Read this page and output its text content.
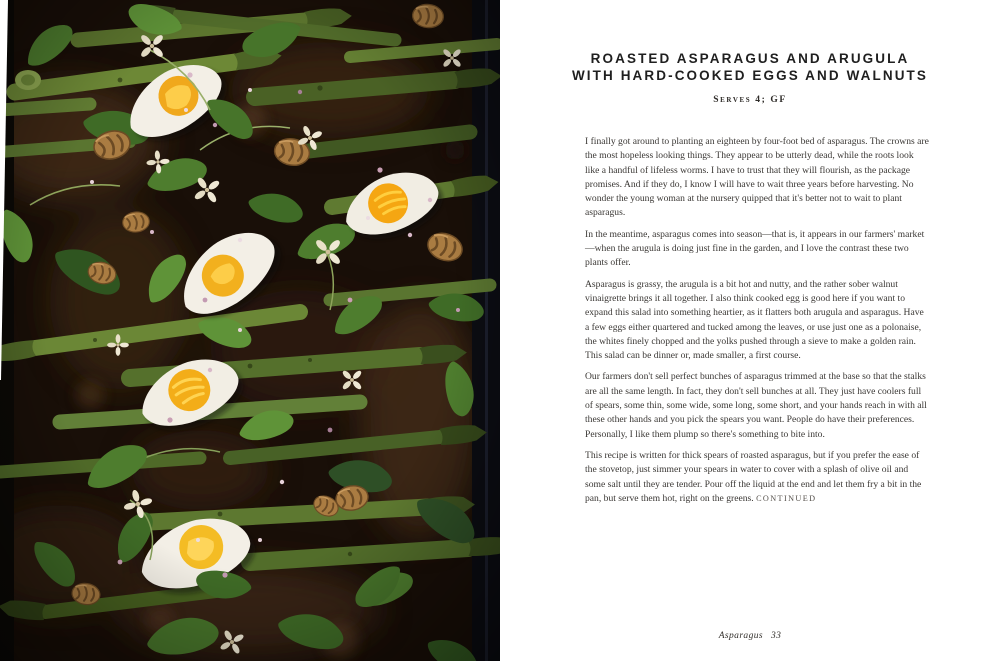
ROASTED ASPARAGUS AND ARUGULA
WITH HARD-COOKED EGGS AND WALNUTS
Serves 4; GF

I finally got around to planting an eighteen by four-foot bed of asparagus. The crowns are the most hopeless looking things. They appear to be utterly dead, while the roots look like a handful of lifeless worms. I have to trust that they will flourish, as the package promises. And if they do, I know I will have to wait three years before harvesting. No wonder the young woman at the nursery quipped that it's better not to wait to plant asparagus.

In the meantime, asparagus comes into season—that is, it appears in our farmers' market—when the arugula is doing just fine in the garden, and I love the contrast these two plants offer.

Asparagus is grassy, the arugula is a bit hot and nutty, and the rather sober walnut vinaigrette brings it all together. I also think cooked egg is good here if you want to expand this salad into something heartier, as it flatters both arugula and asparagus. Have a few eggs either quartered and tucked among the leaves, or use just one as a polonaise, the whites finely chopped and the yolks pushed through a sieve to make a golden rain. This salad can be dinner or, made smaller, a first course.

Our farmers don't sell perfect bunches of asparagus trimmed at the base so that the stalks are all the same length. In fact, they don't sell bunches at all. They just have coolers full of spears, some thin, some wide, some long, some short, and your hands reach in with all these other hands and you pick the spears you want. People do have their preferences. Personally, I like them plump so there's something to bite into.

This recipe is written for thick spears of roasted asparagus, but if you prefer the ease of the stovetop, just simmer your spears in water to cover with a splash of olive oil and some salt until they are tender. Pour off the liquid at the end and let them fry a bit in the pan, but serve them hot, right on the greens. CONTINUED

Asparagus 33
